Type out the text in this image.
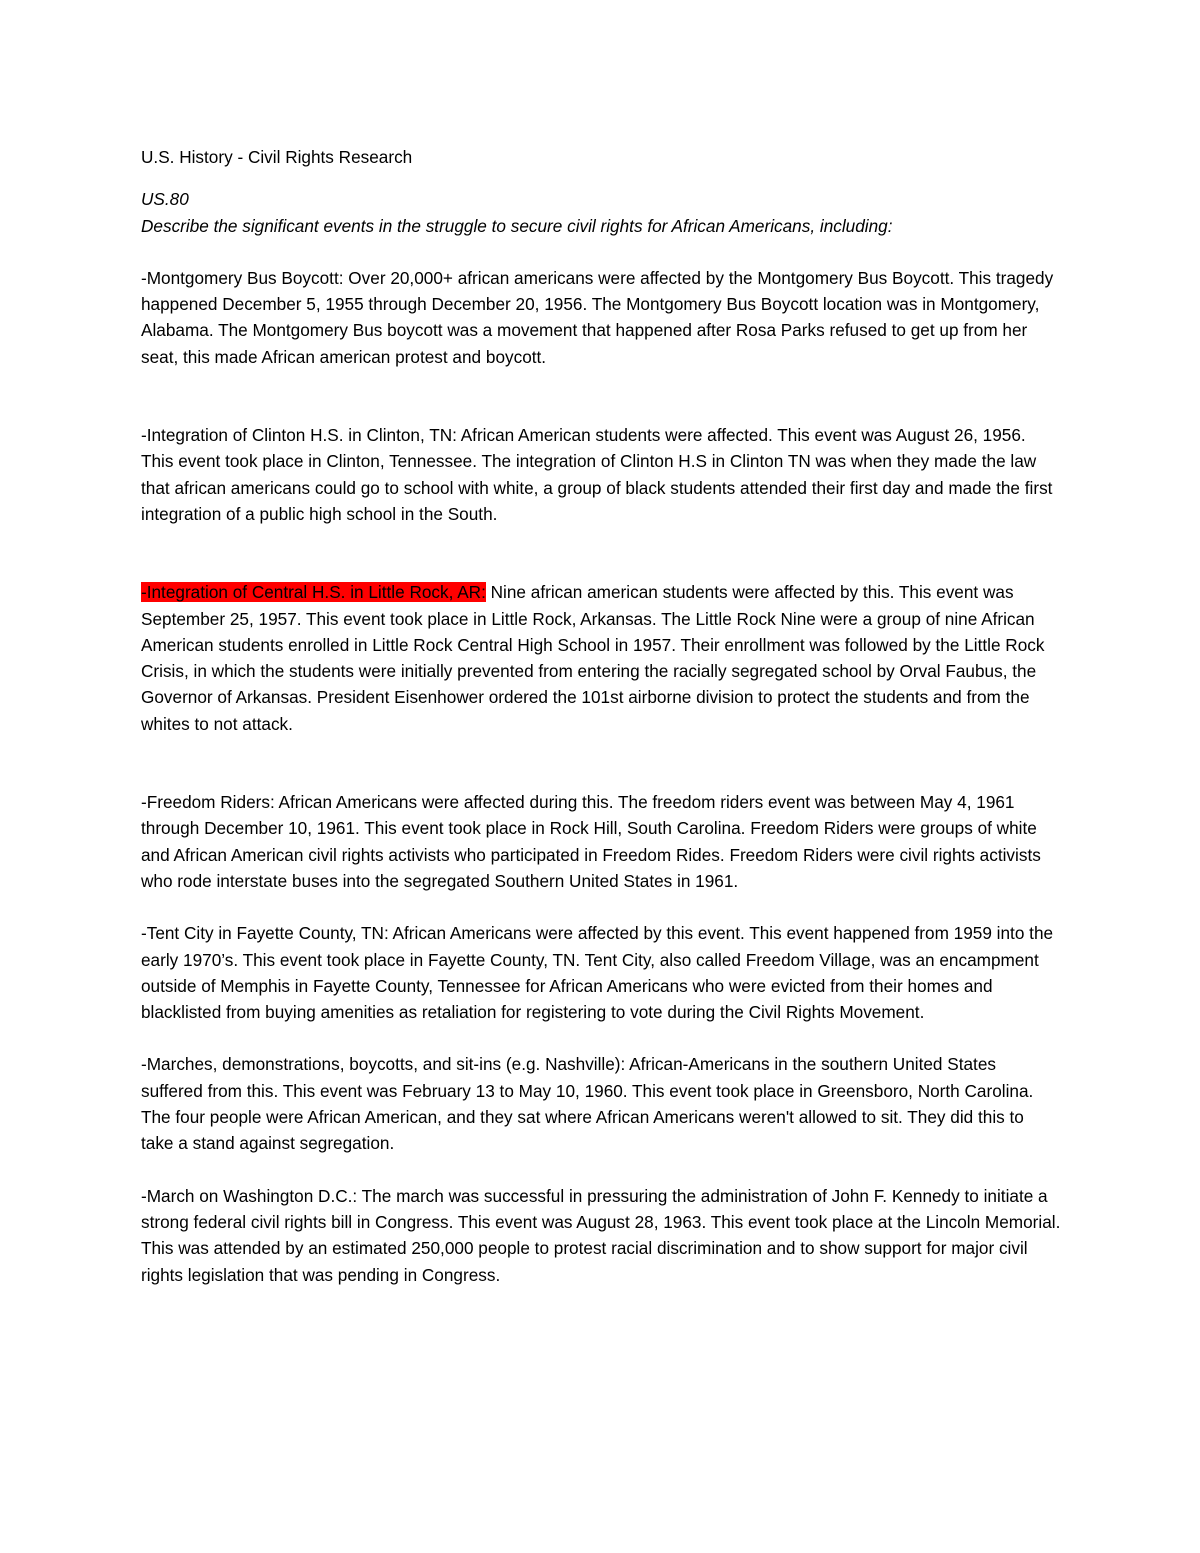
U.S. History - Civil Rights Research

US.80

Describe the significant events in the struggle to secure civil rights for African Americans, including:

-Montgomery Bus Boycott: Over 20,000+ african americans were affected by the Montgomery Bus Boycott. This tragedy happened December 5, 1955 through December 20, 1956. The Montgomery Bus Boycott location was in Montgomery, Alabama. The Montgomery Bus boycott was a movement that happened after Rosa Parks refused to get up from her seat, this made African american protest and boycott.

-Integration of Clinton H.S. in Clinton, TN: African American students were affected. This event was August 26, 1956. This event took place in Clinton, Tennessee. The integration of Clinton H.S in Clinton TN was when they made the law that african americans could go to school with white, a group of black students attended their first day and made the first integration of a public high school in the South.

-Integration of Central H.S. in Little Rock, AR: Nine african american students were affected by this. This event was September 25, 1957. This event took place in Little Rock, Arkansas. The Little Rock Nine were a group of nine African American students enrolled in Little Rock Central High School in 1957. Their enrollment was followed by the Little Rock Crisis, in which the students were initially prevented from entering the racially segregated school by Orval Faubus, the Governor of Arkansas. President Eisenhower ordered the 101st airborne division to protect the students and from the whites to not attack.

-Freedom Riders: African Americans were affected during this. The freedom riders event was between May 4, 1961 through December 10, 1961. This event took place in Rock Hill, South Carolina. Freedom Riders were groups of white and African American civil rights activists who participated in Freedom Rides. Freedom Riders were civil rights activists who rode interstate buses into the segregated Southern United States in 1961.

-Tent City in Fayette County, TN: African Americans were affected by this event. This event happened from 1959 into the early 1970’s. This event took place in Fayette County, TN. Tent City, also called Freedom Village, was an encampment outside of Memphis in Fayette County, Tennessee for African Americans who were evicted from their homes and blacklisted from buying amenities as retaliation for registering to vote during the Civil Rights Movement.

-Marches, demonstrations, boycotts, and sit-ins (e.g. Nashville): African-Americans in the southern United States suffered from this. This event was February 13 to May 10, 1960. This event took place in Greensboro, North Carolina. The four people were African American, and they sat where African Americans weren't allowed to sit. They did this to take a stand against segregation.

-March on Washington D.C.: The march was successful in pressuring the administration of John F. Kennedy to initiate a strong federal civil rights bill in Congress. This event was August 28, 1963. This event took place at the Lincoln Memorial. This was attended by an estimated 250,000 people to protest racial discrimination and to show support for major civil rights legislation that was pending in Congress.
